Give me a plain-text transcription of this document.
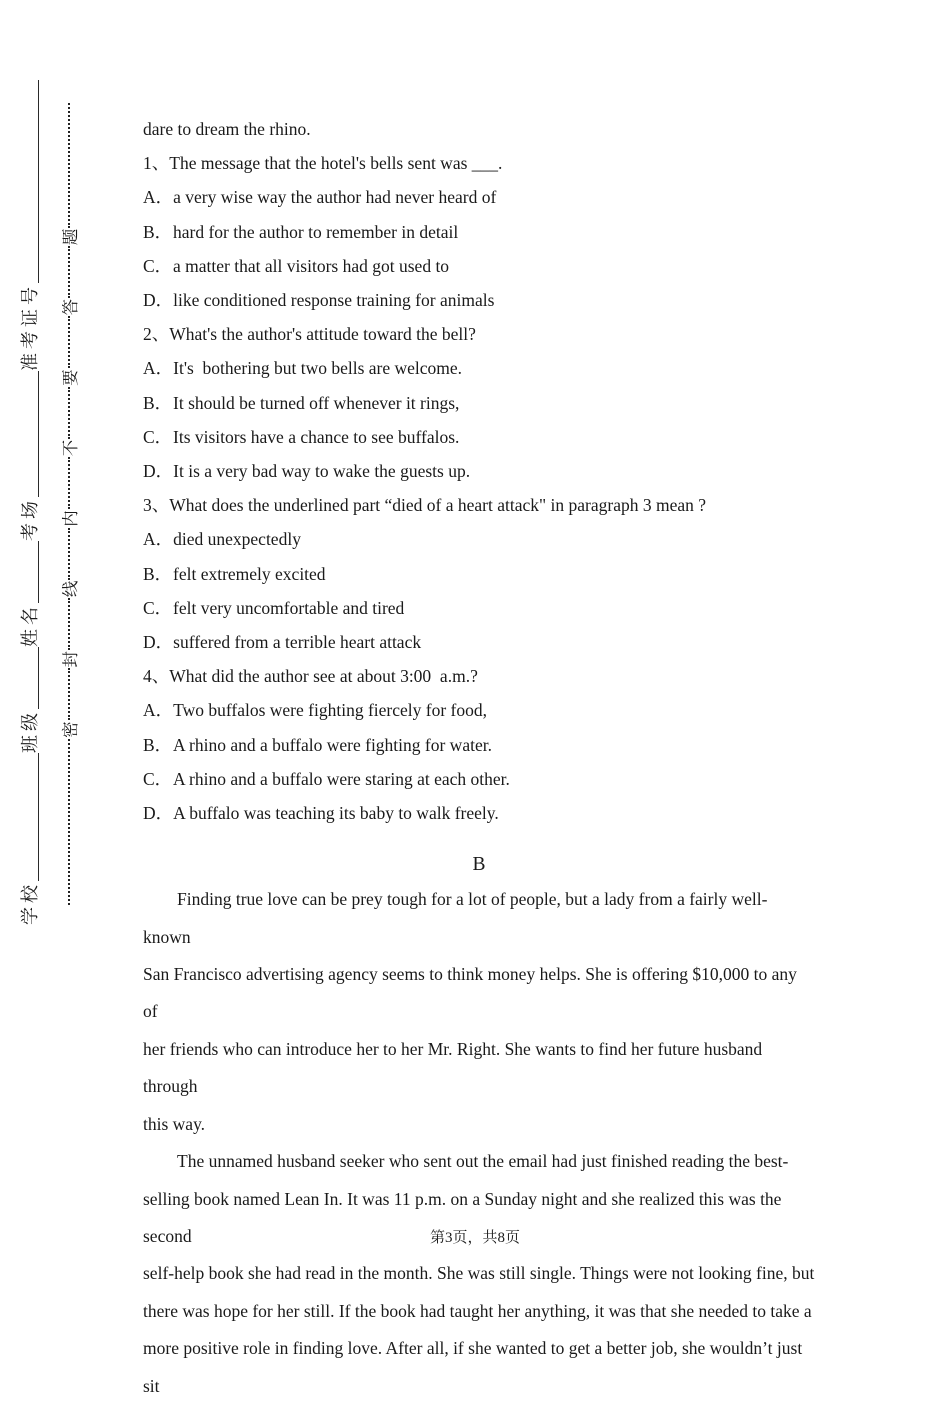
学校
班级
姓名
考场
准考证号
密
封
线
内
不
要
答
题
dare to dream the rhino.
1、The message that the hotel's bells sent was ___.
A．a very wise way the author had never heard of
B．hard for the author to remember in detail
C．a matter that all visitors had got used to
D．like conditioned response training for animals
2、What's the author's attitude toward the bell?
A．It's  bothering but two bells are welcome.
B．It should be turned off whenever it rings,
C．Its visitors have a chance to see buffalos.
D．It is a very bad way to wake the guests up.
3、What does the underlined part “died of a heart attack" in paragraph 3 mean ?
A．died unexpectedly
B．felt extremely excited
C．felt very uncomfortable and tired
D．suffered from a terrible heart attack
4、What did the author see at about 3:00  a.m.?
A．Two buffalos were fighting fiercely for food,
B．A rhino and a buffalo were fighting for water.
C．A rhino and a buffalo were staring at each other.
D．A buffalo was teaching its baby to walk freely.
B
Finding true love can be prey tough for a lot of people, but a lady from a fairly well-known
San Francisco advertising agency seems to think money helps. She is offering $10,000 to any of
her friends who can introduce her to her Mr. Right. She wants to find her future husband through
this way.
The unnamed husband seeker who sent out the email had just finished reading the best-
selling book named Lean In. It was 11 p.m. on a Sunday night and she realized this was the second
self-help book she had read in the month. She was still single. Things were not looking fine, but
there was hope for her still. If the book had taught her anything, it was that she needed to take a
more positive role in finding love. After all, if she wanted to get a better job, she wouldn’t just sit
第3页，共8页
